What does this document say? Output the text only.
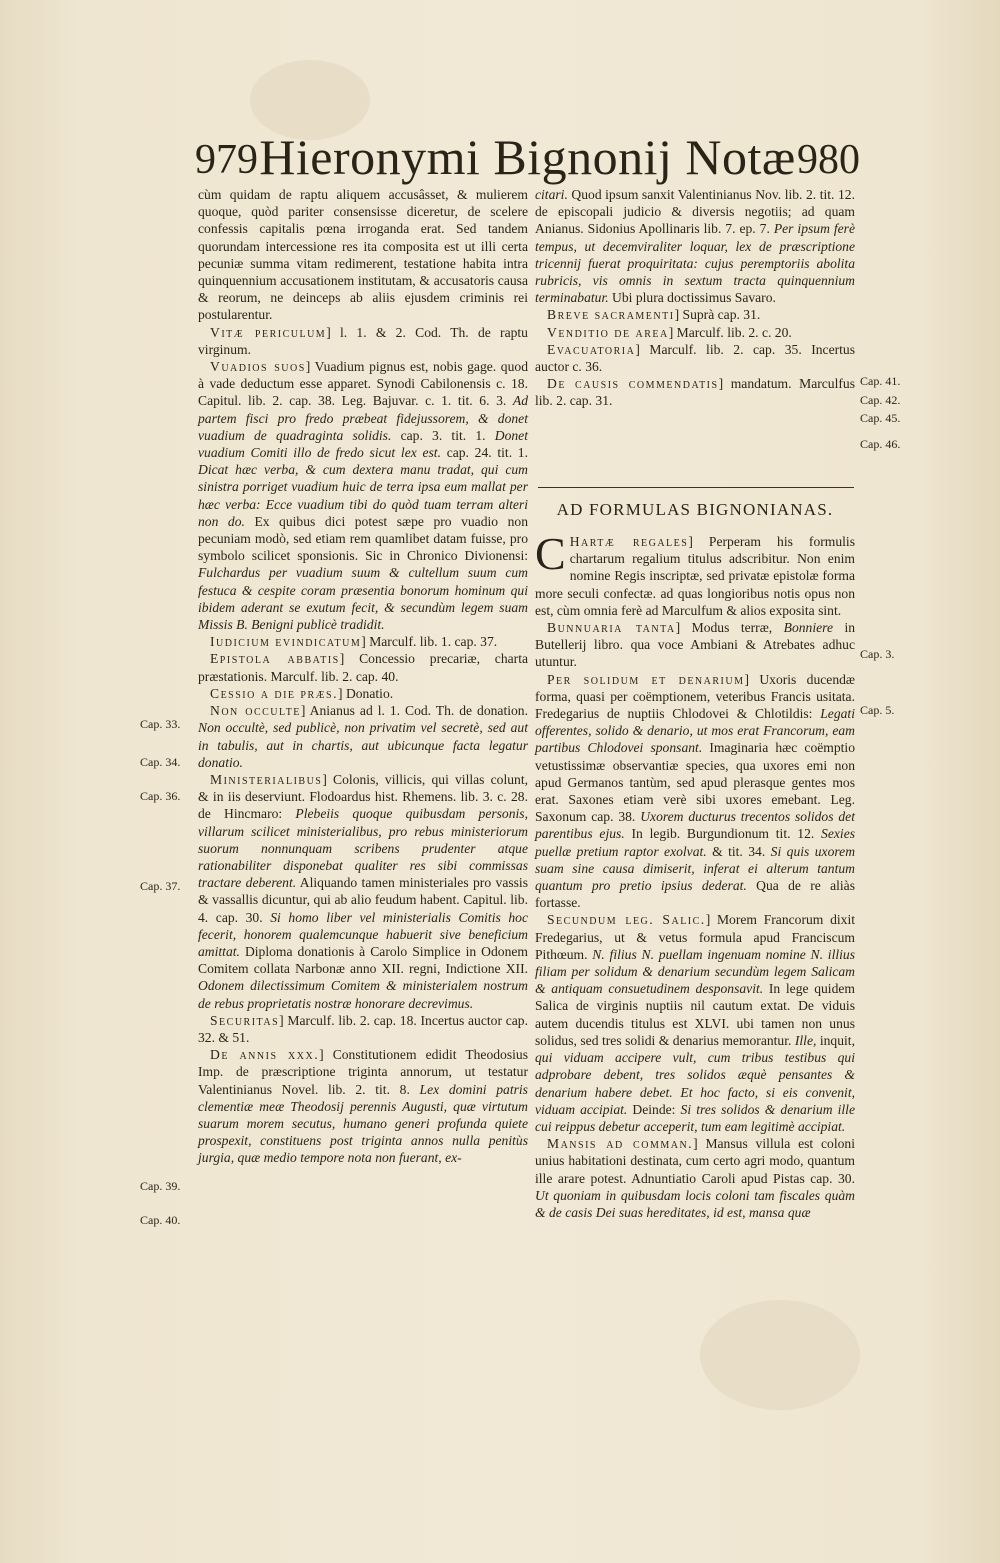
979 Hieronymi Bignonij Notæ 980

cùm quidam de raptu aliquem accusâsset, & mulierem quoque, quòd pariter consensisse diceretur, de scelere confessis capitalis pœna irroganda erat. Sed tandem quorundam intercessione res ita composita est ut illi certa pecuniæ summa vitam redimerent, testatione habita intra quinquennium accusationem institutam, & accusatoris causa & reorum, ne deinceps ab aliis ejusdem criminis rei postularentur.

Vitæ periculum] l. 1. & 2. Cod. Th. de raptu virginum.

Vuadios suos] Vuadium pignus est, nobis gage. quod à vade deductum esse apparet. Synodi Cabilonensis c. 18. Capitul. lib. 2. cap. 38. Leg. Bajuvar. c. 1. tit. 6. 3. Ad partem fisci pro fredo præbeat fidejussorem, & donet vuadium de quadraginta solidis. cap. 3. tit. 1. Donet vuadium Comiti illo de fredo sicut lex est. cap. 24. tit. 1. Dicat hæc verba, & cum dextera manu tradat, qui cum sinistra porriget vuadium huic de terra ipsa eum mallat per hæc verba: Ecce vuadium tibi do quòd tuam terram alteri non do. Ex quibus dici potest sæpe pro vuadio non pecuniam modò, sed etiam rem quamlibet datam fuisse, pro symbolo scilicet sponsionis. Sic in Chronico Divionensi: Fulchardus per vuadium suum & cultellum suum cum festuca & cespite coram præsentia bonorum hominum qui ibidem aderant se exutum fecit, & secundùm legem suam Missis B. Benigni publicè tradidit.

Iudicium evindicatum] Marculf. lib. 1. cap. 37.

Epistola abbatis] Concessio precariæ, charta præstationis. Marculf. lib. 2. cap. 40.

Cessio a die præs.] Donatio.

Non occulte] Anianus ad l. 1. Cod. Th. de donation. Non occultè, sed publicè, non privatim vel secretè, sed aut in tabulis, aut in chartis, aut ubicunque facta legatur donatio.

Ministerialibus] Colonis, villicis, qui villas colunt, & in iis deserviunt. Flodoardus hist. Rhemens. lib. 3. c. 28. de Hincmaro: Plebeiis quoque quibusdam personis, villarum scilicet ministerialibus, pro rebus ministeriorum suorum nonnunquam scribens prudenter atque rationabiliter disponebat qualiter res sibi commissas tractare deberent. Aliquando tamen ministeriales pro vassis & vassallis dicuntur, qui ab alio feudum habent. Capitul. lib. 4. cap. 30. Si homo liber vel ministerialis Comitis hoc fecerit, honorem qualemcunque habuerit sive beneficium amittat. Diploma donationis à Carolo Simplice in Odonem Comitem collata Narbonæ anno XII. regni, Indictione XII. Odonem dilectissimum Comitem & ministerialem nostrum de rebus proprietatis nostræ honorare decrevimus.

Securitas] Marculf. lib. 2. cap. 18. Incertus auctor cap. 32. & 51.

De annis xxx.] Constitutionem edidit Theodosius Imp. de præscriptione triginta annorum, ut testatur Valentinianus Novel. lib. 2. tit. 8. Lex domini patris clementiæ meæ Theodosij perennis Augusti, quæ virtutum suarum morem secutus, humano generi profunda quiete prospexit, constituens post triginta annos nulla penitùs jurgia, quæ medio tempore nota non fuerant, ex-

Cap. 33.
Cap. 34.
Cap. 36.
Cap. 37.
Cap. 39.
Cap. 40.

citari. Quod ipsum sanxit Valentinianus Nov. lib. 2. tit. 12. de episcopali judicio & diversis negotiis; ad quam Anianus. Sidonius Apollinaris lib. 7. ep. 7. Per ipsum ferè tempus, ut decemviraliter loquar, lex de præscriptione tricennij fuerat proquiritata: cujus peremptoriis abolita rubricis, vis omnis in sextum tracta quinquennium terminabatur. Ubi plura doctissimus Savaro.

Breve sacramenti] Suprà cap. 31.

Venditio de area] Marculf. lib. 2. c. 20.

Evacuatoria] Marculf. lib. 2. cap. 35. Incertus auctor c. 36.

De causis commendatis] mandatum. Marculfus lib. 2. cap. 31.

AD FORMULAS BIGNONIANAS.

C Hartæ regales] Perperam his formulis chartarum regalium titulus adscribitur. Non enim nomine Regis inscriptæ, sed privatæ epistolæ forma more seculi confectæ. ad quas longioribus notis opus non est, cùm omnia ferè ad Marculfum & alios exposita sint.

Bunnuaria tanta] Modus terræ, Bonniere in Butellerij libro. qua voce Ambiani & Atrebates adhuc utuntur.

Per solidum et denarium] Uxoris ducendæ forma, quasi per coëmptionem, veteribus Francis usitata. Fredegarius de nuptiis Chlodovei & Chlotildis: Legati offerentes, solido & denario, ut mos erat Francorum, eam partibus Chlodovei sponsant. Imaginaria hæc coëmptio vetustissimæ observantiæ species, qua uxores emi non apud Germanos tantùm, sed apud plerasque gentes mos erat. Saxones etiam verè sibi uxores emebant. Leg. Saxonum cap. 38. Uxorem ducturus trecentos solidos det parentibus ejus. In legib. Burgundionum tit. 12. Sexies puellæ pretium raptor exolvat. & tit. 34. Si quis uxorem suam sine causa dimiserit, inferat ei alterum tantum quantum pro pretio ipsius dederat. Qua de re aliàs fortasse.

Secundum leg. Salic.] Morem Francorum dixit Fredegarius, ut & vetus formula apud Franciscum Pithœum. N. filius N. puellam ingenuam nomine N. illius filiam per solidum & denarium secundùm legem Salicam & antiquam consuetudinem desponsavit. In lege quidem Salica de virginis nuptiis nil cautum extat. De viduis autem ducendis titulus est XLVI. ubi tamen non unus solidus, sed tres solidi & denarius memorantur. Ille, inquit, qui viduam accipere vult, cum tribus testibus qui adprobare debent, tres solidos æquè pensantes & denarium habere debet. Et hoc facto, si eis convenit, viduam accipiat. Deinde: Si tres solidos & denarium ille cui reippus debetur acceperit, tum eam legitimè accipiat.

Mansis ad comman.] Mansus villula est coloni unius habitationi destinata, cum certo agri modo, quantum ille arare potest. Adnuntiatio Caroli apud Pistas cap. 30. Ut quoniam in quibusdam locis coloni tam fiscales quàm & de casis Dei suas hereditates, id est, mansa quæ

Cap. 41.
Cap. 42.
Cap. 45.
Cap. 46.
Cap. 3.
Cap. 5.
